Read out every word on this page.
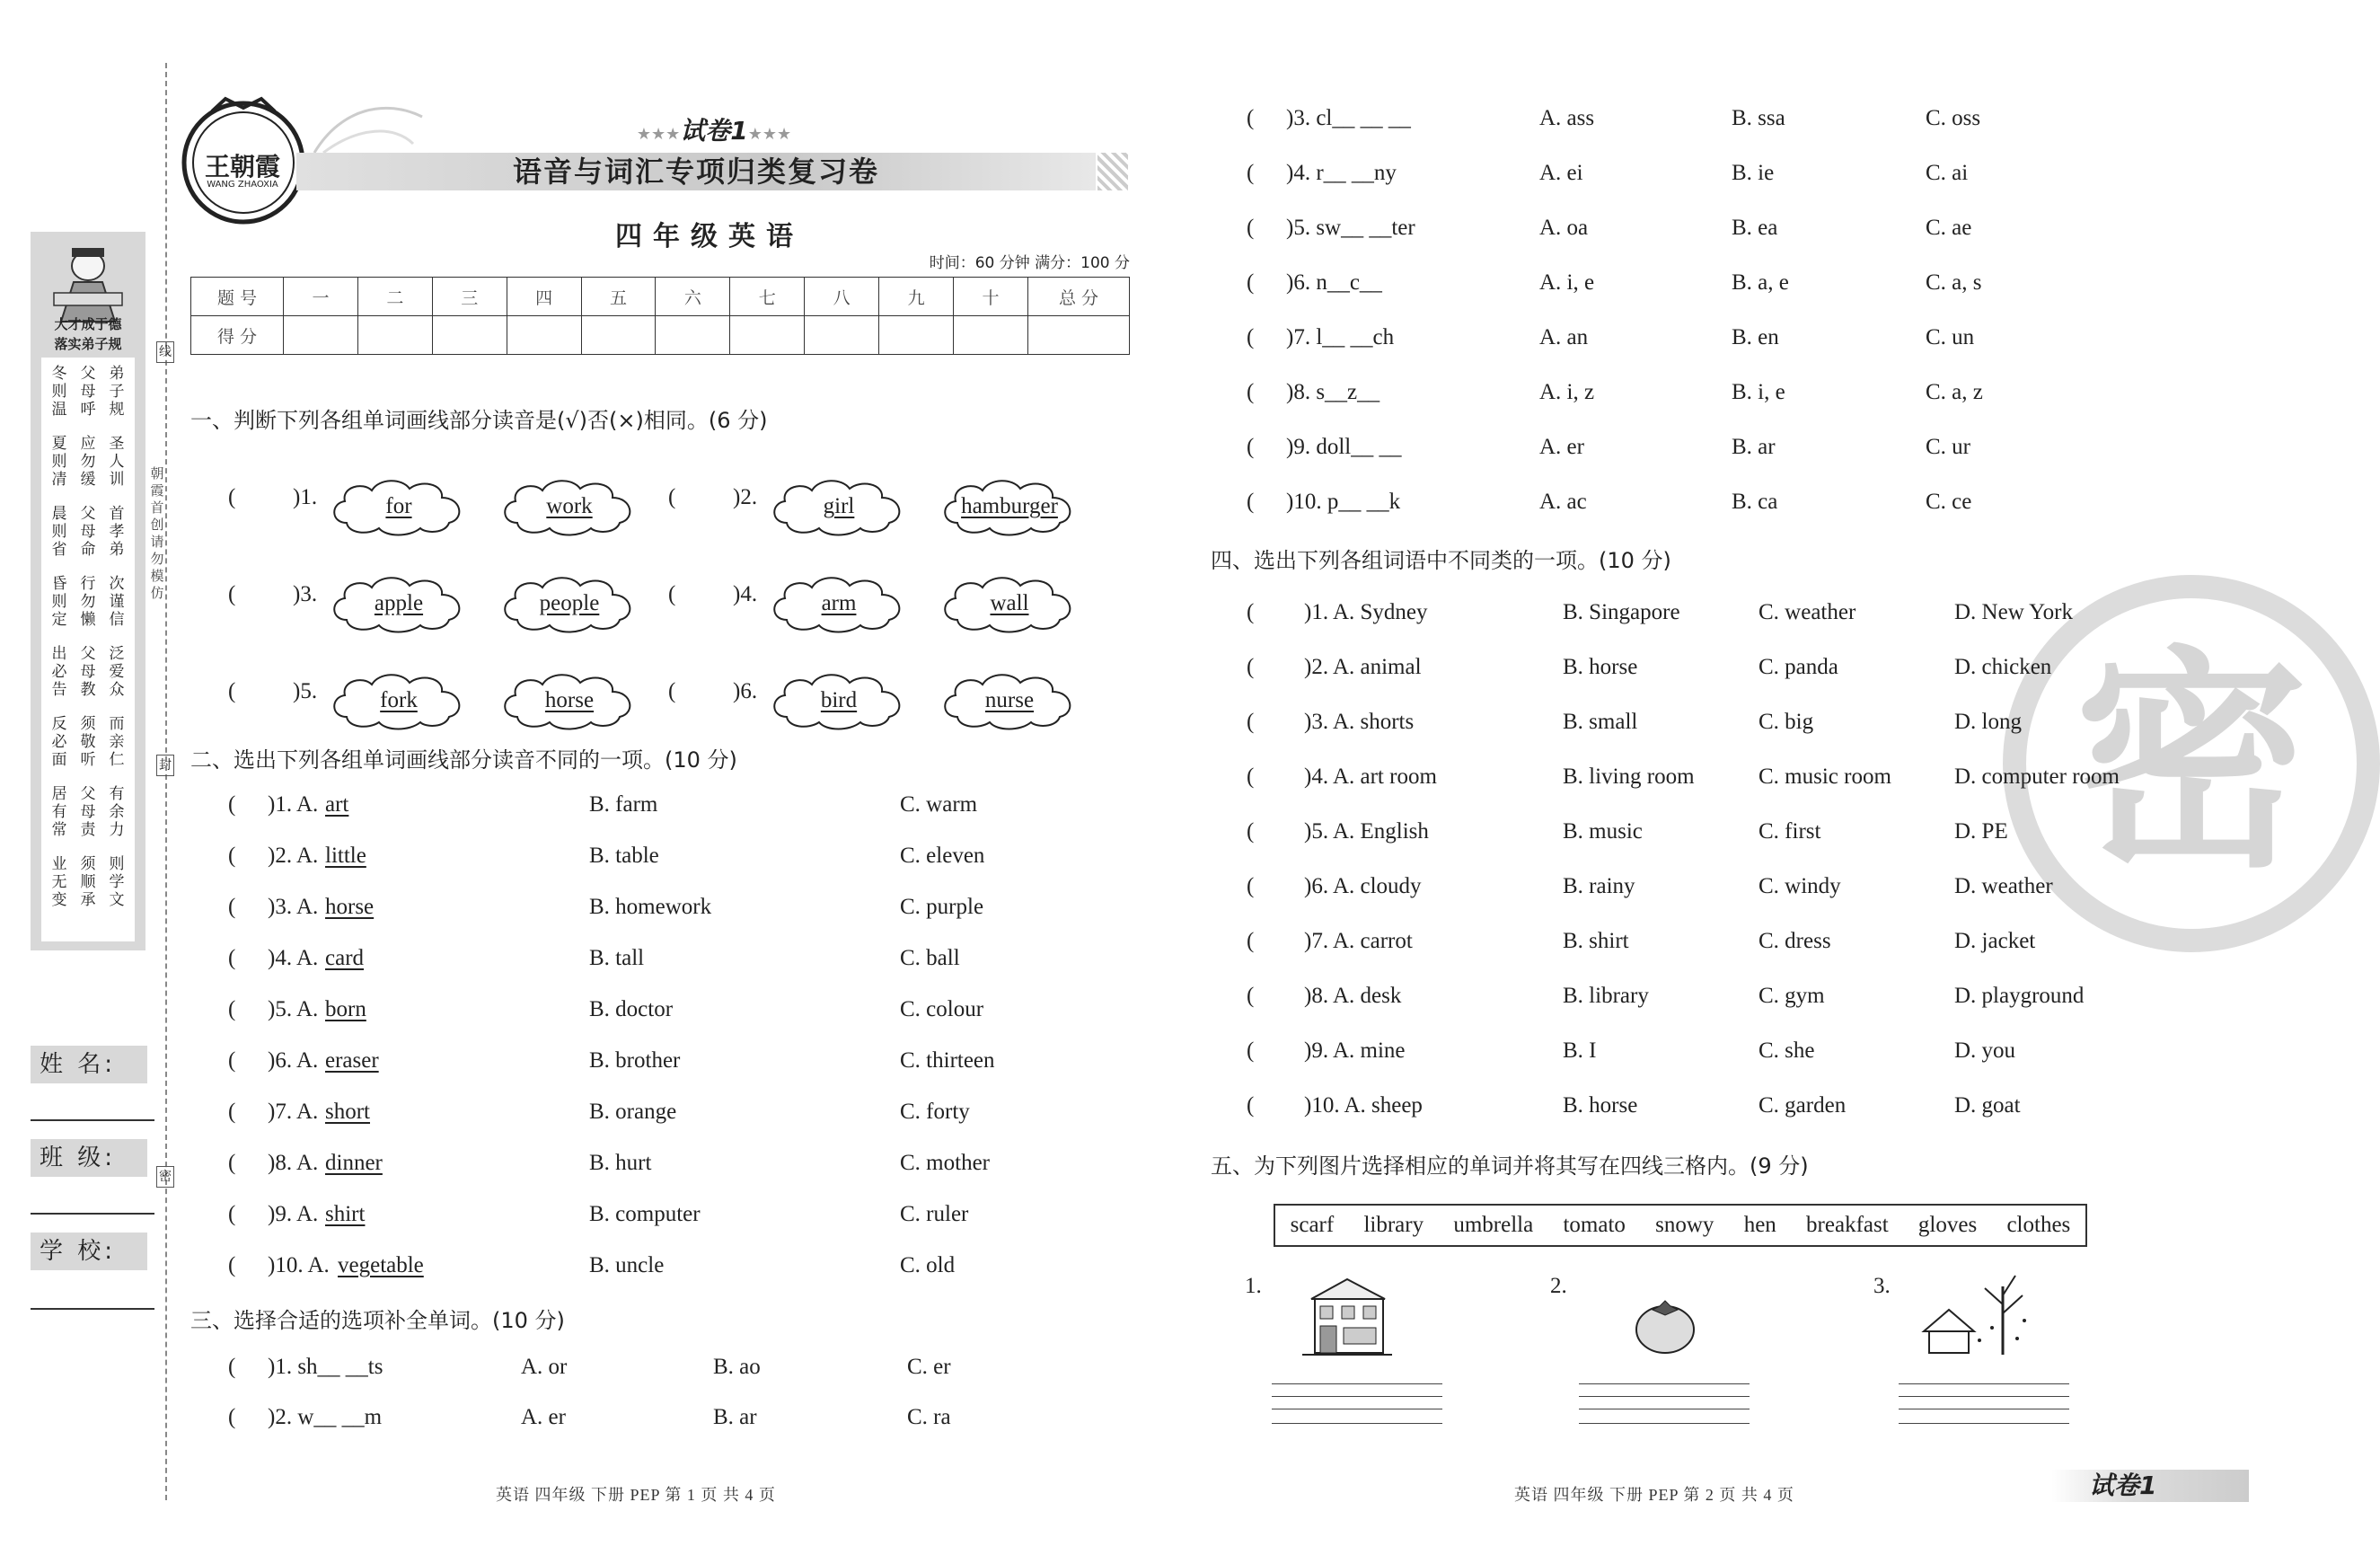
线
封
密
朝霞首创 请勿模仿
大才成于德
落实弟子规
弟子规
圣人训
首孝弟
次谨信
泛爱众
而亲仁
有余力
则学文
父母呼
应勿缓
父母命
行勿懒
父母教
须敬听
父母责
须顺承
冬则温
夏则凊
晨则省
昏则定
出必告
反必面
居有常
业无变
姓 名:
班 级:
学 校:
王朝霞
WANG ZHAOXIA
★★★试卷1★★★
语音与词汇专项归类复习卷
四年级英语
时间：60 分钟 满分：100 分
题 号	一	二	三	四	五	六	七	八	九	十	总 分
得 分											
一、判断下列各组单词画线部分读音是(√)否(×)相同。(6 分)
(	)1.	for	work	(	)2.	girl	hamburger
(	)3.	apple	people	(	)4.	arm	wall
(	)5.	fork	horse	(	)6.	bird	nurse
二、选出下列各组单词画线部分读音不同的一项。(10 分)
( )1. A. art	B. farm	C. warm
( )2. A. little	B. table	C. eleven
( )3. A. horse	B. homework	C. purple
( )4. A. card	B. tall	C. ball
( )5. A. born	B. doctor	C. colour
( )6. A. eraser	B. brother	C. thirteen
( )7. A. short	B. orange	C. forty
( )8. A. dinner	B. hurt	C. mother
( )9. A. shirt	B. computer	C. ruler
( )10. A. vegetable	B. uncle	C. old
三、选择合适的选项补全单词。(10 分)
( )1. sh__ __ts	A. or	B. ao	C. er
( )2. w__ __m	A. er	B. ar	C. ra
( )3. cl__ __ __	A. ass	B. ssa	C. oss
( )4. r__ __ny	A. ei	B. ie	C. ai
( )5. sw__ __ter	A. oa	B. ea	C. ae
( )6. n__c__	A. i, e	B. a, e	C. a, s
( )7. l__ __ch	A. an	B. en	C. un
( )8. s__z__	A. i, z	B. i, e	C. a, z
( )9. doll__ __	A. er	B. ar	C. ur
( )10. p__ __k	A. ac	B. ca	C. ce
密
四、选出下列各组词语中不同类的一项。(10 分)
( )1. A. Sydney	B. Singapore	C. weather	D. New York
( )2. A. animal	B. horse	C. panda	D. chicken
( )3. A. shorts	B. small	C. big	D. long
( )4. A. art room	B. living room	C. music room	D. computer room
( )5. A. English	B. music	C. first	D. PE
( )6. A. cloudy	B. rainy	C. windy	D. weather
( )7. A. carrot	B. shirt	C. dress	D. jacket
( )8. A. desk	B. library	C. gym	D. playground
( )9. A. mine	B. I	C. she	D. you
( )10. A. sheep	B. horse	C. garden	D. goat
五、为下列图片选择相应的单词并将其写在四线三格内。(9 分)
scarf library umbrella tomato snowy hen breakfast gloves clothes
1.	2.	3.
英语 四年级 下册 PEP 第 1 页 共 4 页	英语 四年级 下册 PEP 第 2 页 共 4 页	试卷1
